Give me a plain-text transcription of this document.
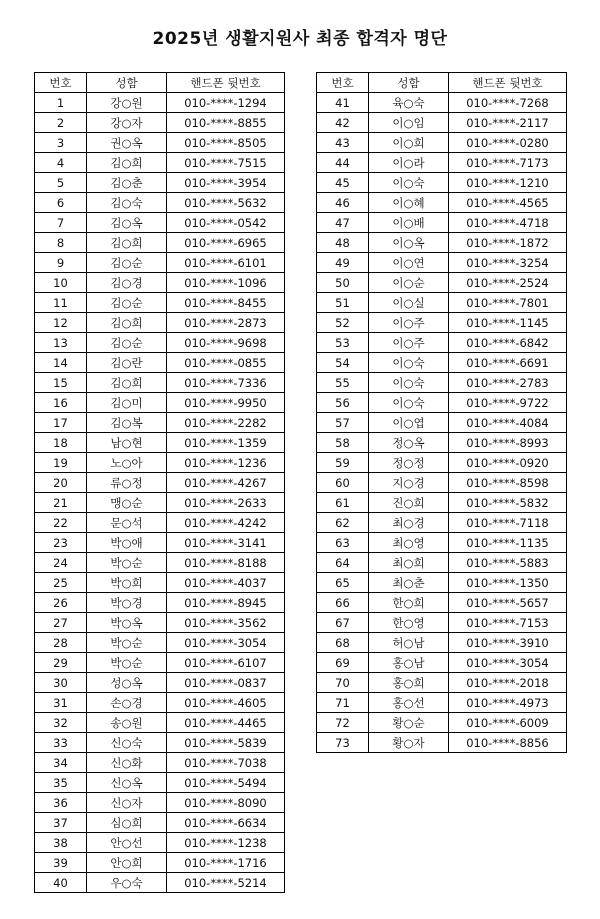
2025년 생활지원사 최종 합격자 명단
번호	성함	핸드폰 뒷번호
1	강○원	010-****-1294
2	강○자	010-****-8855
3	권○옥	010-****-8505
4	김○희	010-****-7515
5	김○춘	010-****-3954
6	김○숙	010-****-5632
7	김○옥	010-****-0542
8	김○희	010-****-6965
9	김○순	010-****-6101
10	김○경	010-****-1096
11	김○순	010-****-8455
12	김○희	010-****-2873
13	김○순	010-****-9698
14	김○란	010-****-0855
15	김○희	010-****-7336
16	김○미	010-****-9950
17	김○복	010-****-2282
18	남○현	010-****-1359
19	노○아	010-****-1236
20	류○정	010-****-4267
21	맹○순	010-****-2633
22	문○석	010-****-4242
23	박○애	010-****-3141
24	박○순	010-****-8188
25	박○희	010-****-4037
26	박○경	010-****-8945
27	박○옥	010-****-3562
28	박○순	010-****-3054
29	박○순	010-****-6107
30	성○옥	010-****-0837
31	손○경	010-****-4605
32	송○원	010-****-4465
33	신○숙	010-****-5839
34	신○화	010-****-7038
35	신○옥	010-****-5494
36	신○자	010-****-8090
37	심○희	010-****-6634
38	안○선	010-****-1238
39	안○희	010-****-1716
40	우○숙	010-****-5214
번호	성함	핸드폰 뒷번호
41	육○숙	010-****-7268
42	이○임	010-****-2117
43	이○희	010-****-0280
44	이○라	010-****-7173
45	이○숙	010-****-1210
46	이○혜	010-****-4565
47	이○배	010-****-4718
48	이○옥	010-****-1872
49	이○연	010-****-3254
50	이○순	010-****-2524
51	이○실	010-****-7801
52	이○주	010-****-1145
53	이○주	010-****-6842
54	이○숙	010-****-6691
55	이○숙	010-****-2783
56	이○숙	010-****-9722
57	이○엽	010-****-4084
58	정○옥	010-****-8993
59	정○정	010-****-0920
60	지○경	010-****-8598
61	진○희	010-****-5832
62	최○경	010-****-7118
63	최○영	010-****-1135
64	최○희	010-****-5883
65	최○춘	010-****-1350
66	한○희	010-****-5657
67	한○영	010-****-7153
68	허○남	010-****-3910
69	홍○남	010-****-3054
70	홍○희	010-****-2018
71	홍○선	010-****-4973
72	황○순	010-****-6009
73	황○자	010-****-8856
